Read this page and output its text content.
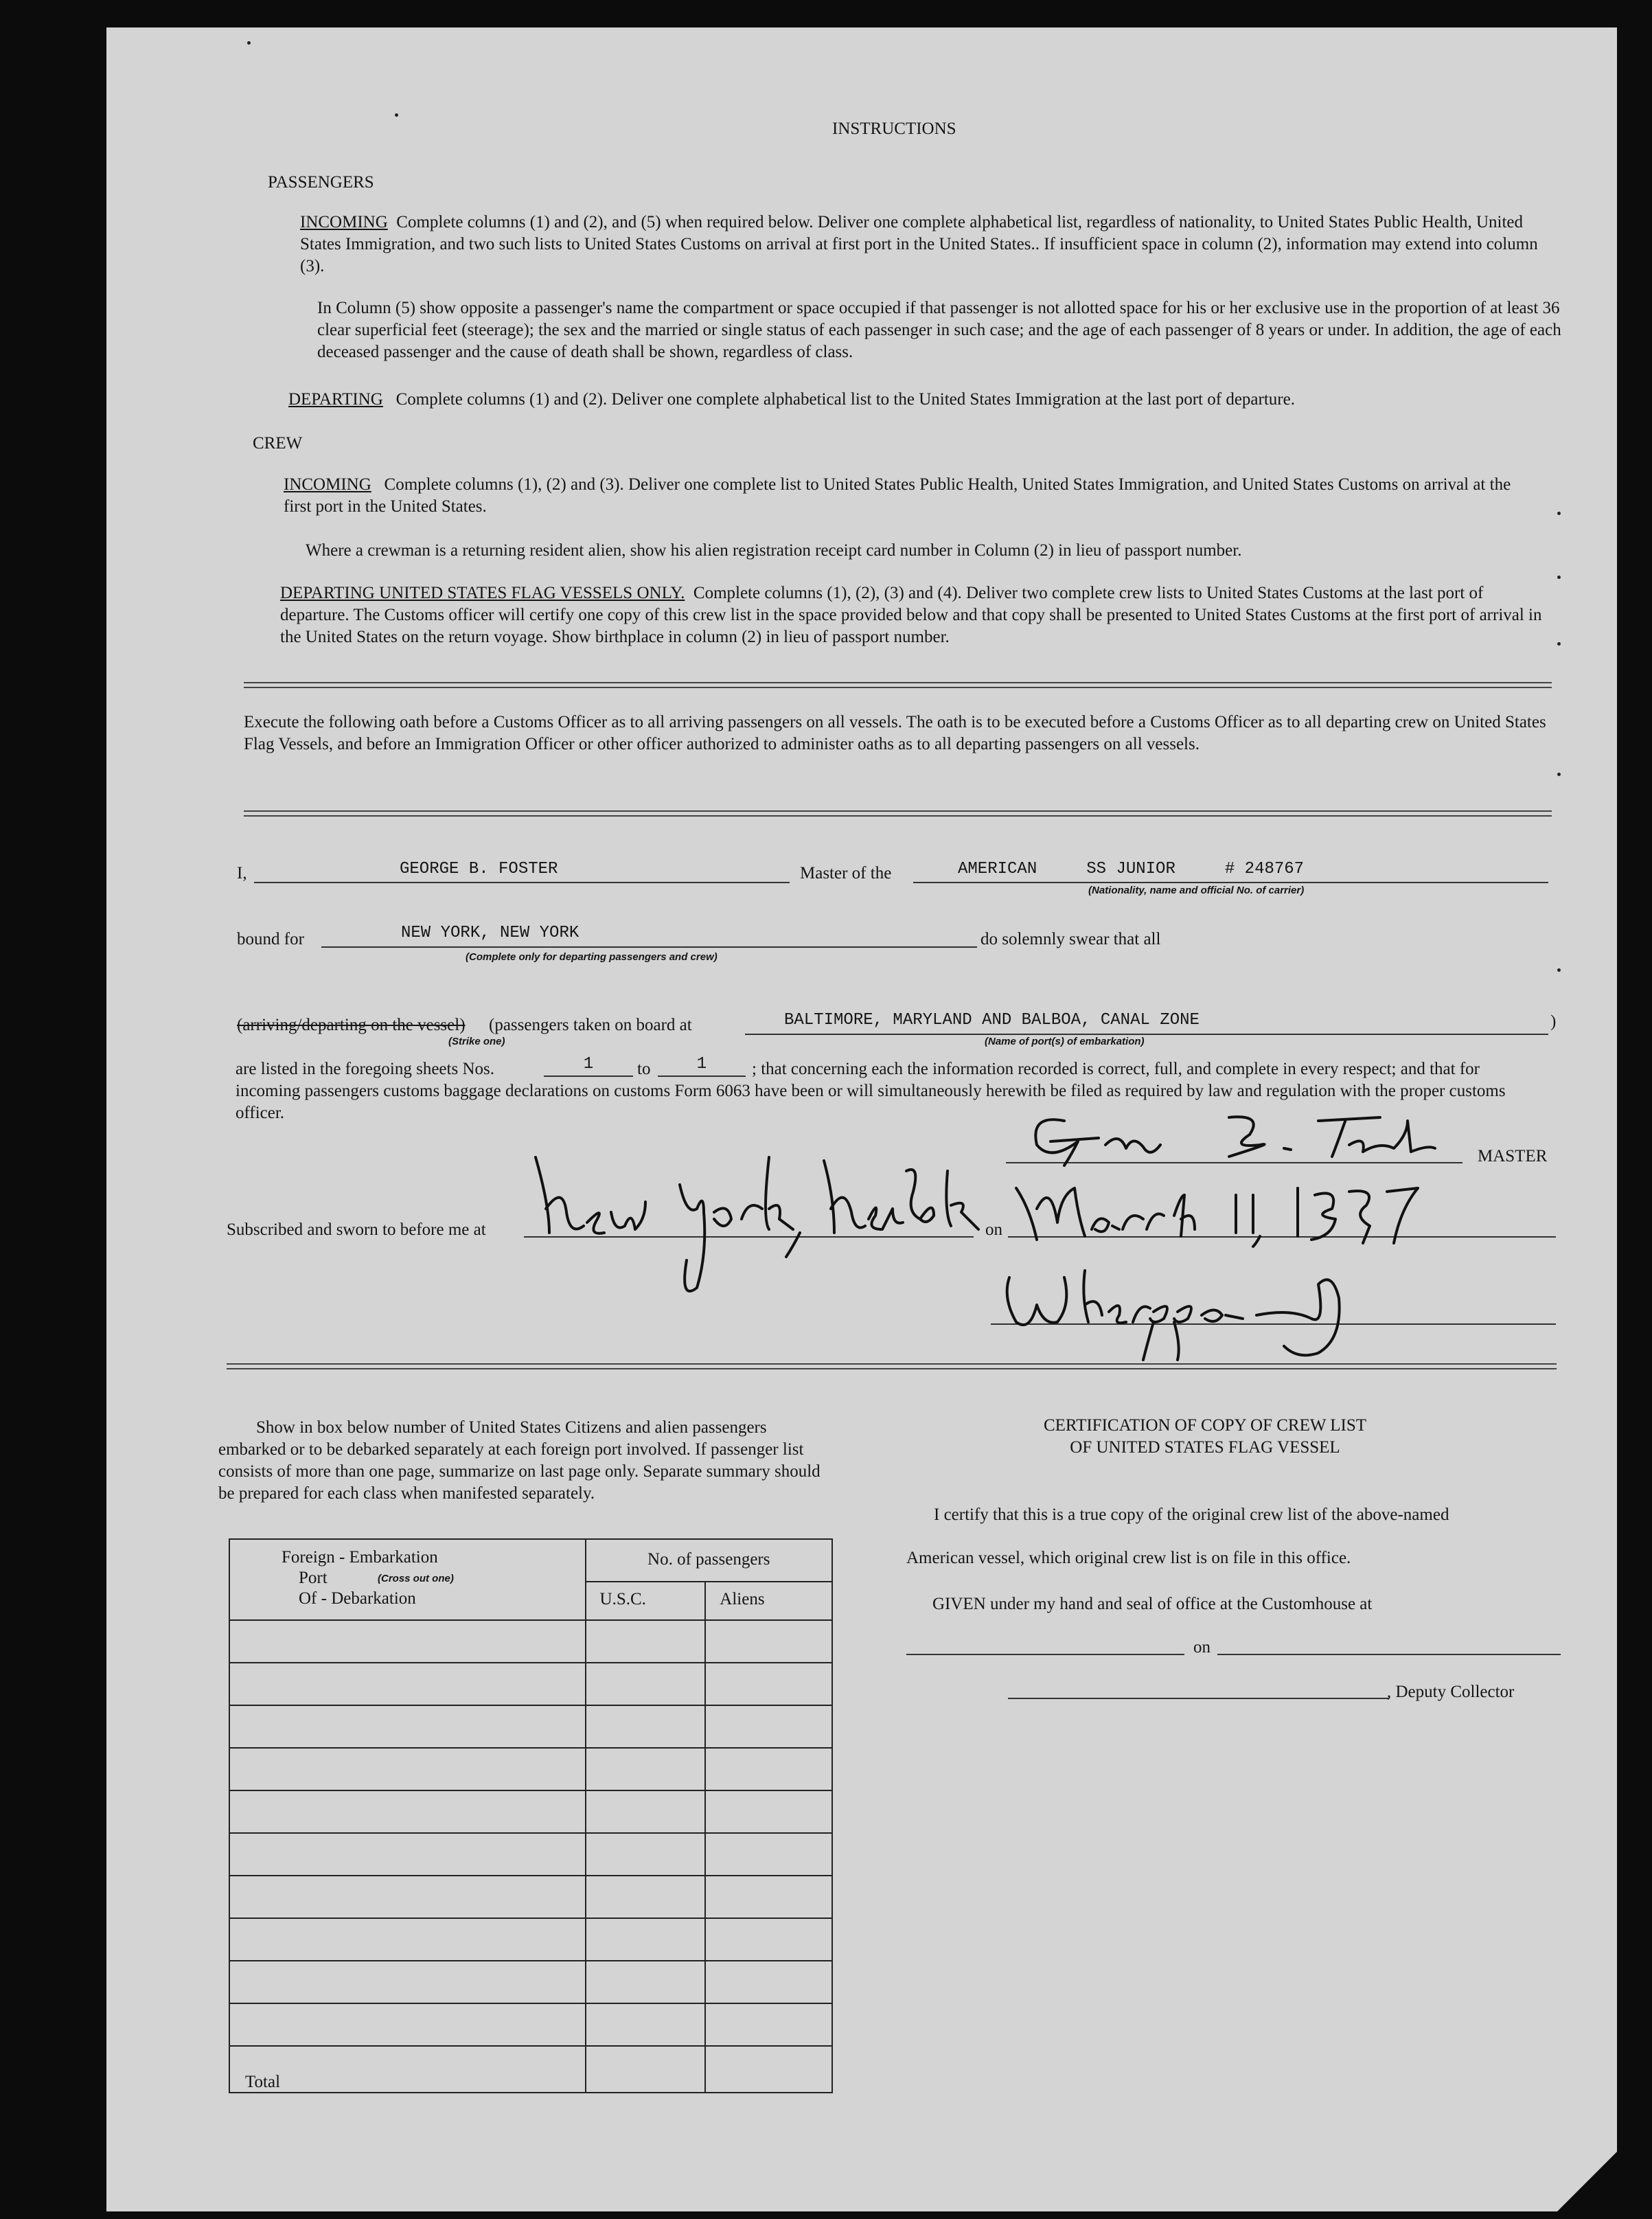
INSTRUCTIONS
PASSENGERS
INCOMING Complete columns (1) and (2), and (5) when required below. Deliver one complete alphabetical list, regardless of nationality, to United States Public Health, United States Immigration, and two such lists to United States Customs on arrival at first port in the United States.. If insufficient space in column (2), information may extend into column (3).
In Column (5) show opposite a passenger's name the compartment or space occupied if that passenger is not allotted space for his or her exclusive use in the proportion of at least 36 clear superficial feet (steerage); the sex and the married or single status of each passenger in such case; and the age of each passenger of 8 years or under. In addition, the age of each deceased passenger and the cause of death shall be shown, regardless of class.
DEPARTING Complete columns (1) and (2). Deliver one complete alphabetical list to the United States Immigration at the last port of departure.
CREW
INCOMING Complete columns (1), (2) and (3). Deliver one complete list to United States Public Health, United States Immigration, and United States Customs on arrival at the first port in the United States.
Where a crewman is a returning resident alien, show his alien registration receipt card number in Column (2) in lieu of passport number.
DEPARTING UNITED STATES FLAG VESSELS ONLY. Complete columns (1), (2), (3) and (4). Deliver two complete crew lists to United States Customs at the last port of departure. The Customs officer will certify one copy of this crew list in the space provided below and that copy shall be presented to United States Customs at the first port of arrival in the United States on the return voyage. Show birthplace in column (2) in lieu of passport number.
Execute the following oath before a Customs Officer as to all arriving passengers on all vessels. The oath is to be executed before a Customs Officer as to all departing crew on United States Flag Vessels, and before an Immigration Officer or other officer authorized to administer oaths as to all departing passengers on all vessels.
I,	GEORGE B. FOSTER	Master of the	AMERICAN     SS JUNIOR     # 248767
(Nationality, name and official No. of carrier)
bound for	NEW YORK, NEW YORK	do solemnly swear that all
(Complete only for departing passengers and crew)
(arriving/departing on the vessel) (passengers taken on board at	BALTIMORE, MARYLAND AND BALBOA, CANAL ZONE	)
(Strike one)	(Name of port(s) of embarkation)
are listed in the foregoing sheets Nos.	1	to	1	; that concerning each the information recorded is correct, full, and complete in every respect; and that for incoming passengers customs baggage declarations on customs Form 6063 have been or will simultaneously herewith be filed as required by law and regulation with the proper customs officer.
MASTER
Subscribed and sworn to before me at	on
Show in box below number of United States Citizens and alien passengers embarked or to be debarked separately at each foreign port involved. If passenger list consists of more than one page, summarize on last page only. Separate summary should be prepared for each class when manifested separately.
Foreign - Embarkation
Port (Cross out one)
Of - Debarkation	No. of passengers	
	U.S.C.	Aliens

Total		
CERTIFICATION OF COPY OF CREW LIST
OF UNITED STATES FLAG VESSEL
I certify that this is a true copy of the original crew list of the above-named
American vessel, which original crew list is on file in this office.
GIVEN under my hand and seal of office at the Customhouse at
on
, Deputy Collector
